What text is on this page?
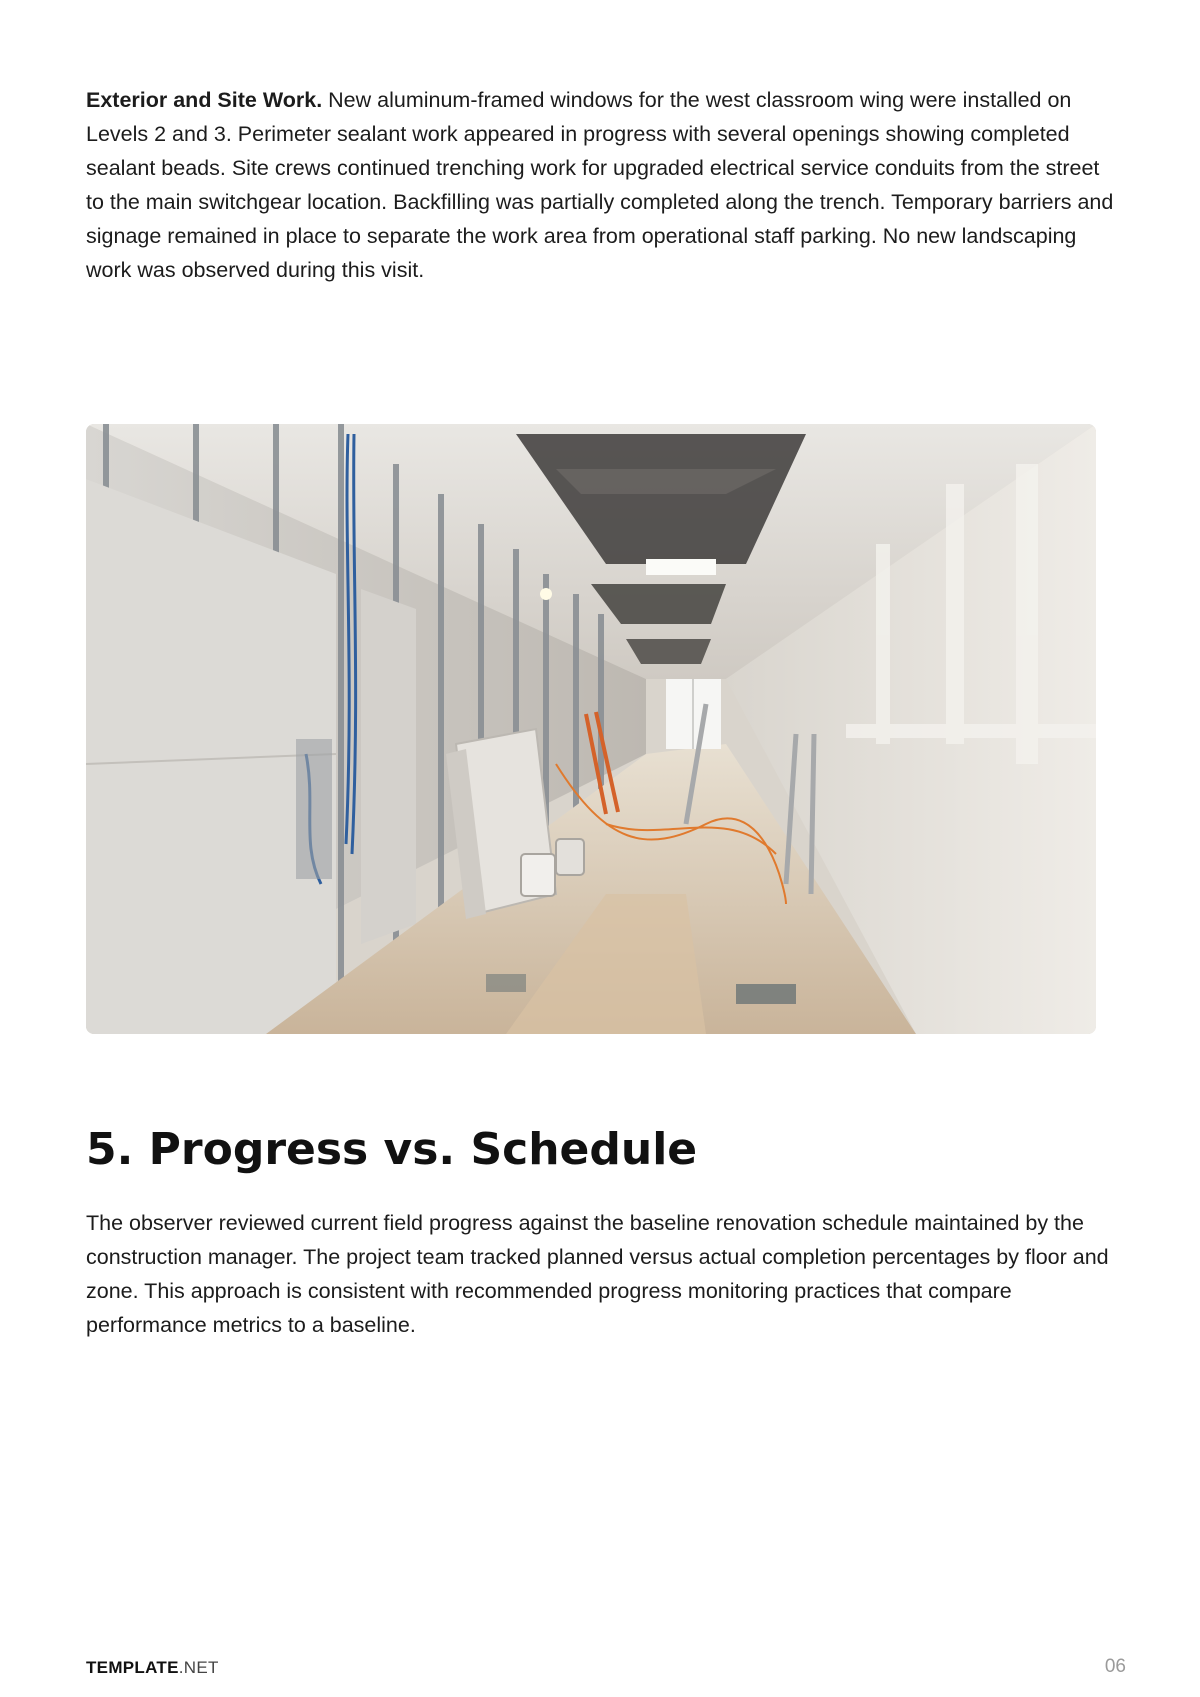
Exterior and Site Work. New aluminum-framed windows for the west classroom wing were installed on Levels 2 and 3. Perimeter sealant work appeared in progress with several openings showing completed sealant beads. Site crews continued trenching work for upgraded electrical service conduits from the street to the main switchgear location. Backfilling was partially completed along the trench. Temporary barriers and signage remained in place to separate the work area from operational staff parking. No new landscaping work was observed during this visit.

5. Progress vs. Schedule

The observer reviewed current field progress against the baseline renovation schedule maintained by the construction manager. The project team tracked planned versus actual completion percentages by floor and zone. This approach is consistent with recommended progress monitoring practices that compare performance metrics to a baseline.

TEMPLATE.NET	06
